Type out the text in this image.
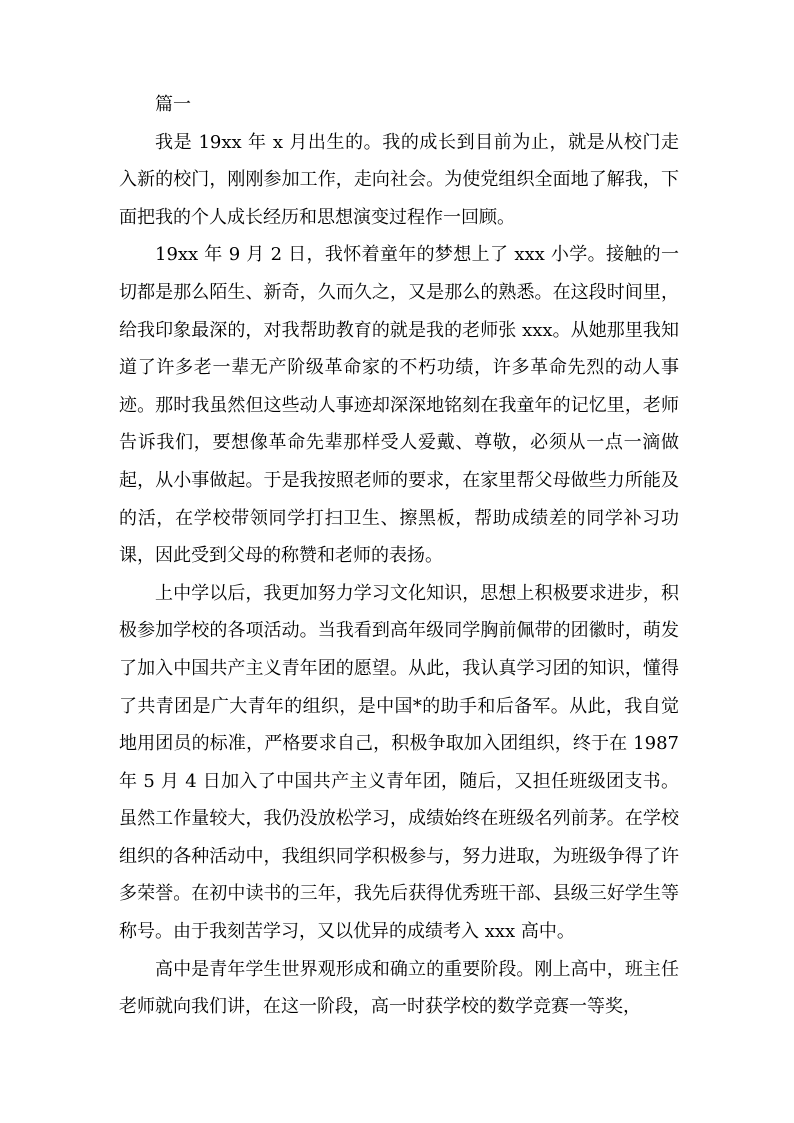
篇一

我是 19xx 年 x 月出生的。我的成长到目前为止，就是从校门走入新的校门，刚刚参加工作，走向社会。为使党组织全面地了解我，下面把我的个人成长经历和思想演变过程作一回顾。

19xx 年 9 月 2 日，我怀着童年的梦想上了 xxx 小学。接触的一切都是那么陌生、新奇，久而久之，又是那么的熟悉。在这段时间里，给我印象最深的，对我帮助教育的就是我的老师张 xxx。从她那里我知道了许多老一辈无产阶级革命家的不朽功绩，许多革命先烈的动人事迹。那时我虽然但这些动人事迹却深深地铭刻在我童年的记忆里，老师告诉我们，要想像革命先辈那样受人爱戴、尊敬，必须从一点一滴做起，从小事做起。于是我按照老师的要求，在家里帮父母做些力所能及的活，在学校带领同学打扫卫生、擦黑板，帮助成绩差的同学补习功课，因此受到父母的称赞和老师的表扬。

上中学以后，我更加努力学习文化知识，思想上积极要求进步，积极参加学校的各项活动。当我看到高年级同学胸前佩带的团徽时，萌发了加入中国共产主义青年团的愿望。从此，我认真学习团的知识，懂得了共青团是广大青年的组织，是中国*的助手和后备军。从此，我自觉地用团员的标准，严格要求自己，积极争取加入团组织，终于在 1987 年 5 月 4 日加入了中国共产主义青年团，随后，又担任班级团支书。虽然工作量较大，我仍没放松学习，成绩始终在班级名列前茅。在学校组织的各种活动中，我组织同学积极参与，努力进取，为班级争得了许多荣誉。在初中读书的三年，我先后获得优秀班干部、县级三好学生等称号。由于我刻苦学习，又以优异的成绩考入 xxx 高中。

高中是青年学生世界观形成和确立的重要阶段。刚上高中，班主任老师就向我们讲，在这一阶段，高一时获学校的数学竞赛一等奖，
